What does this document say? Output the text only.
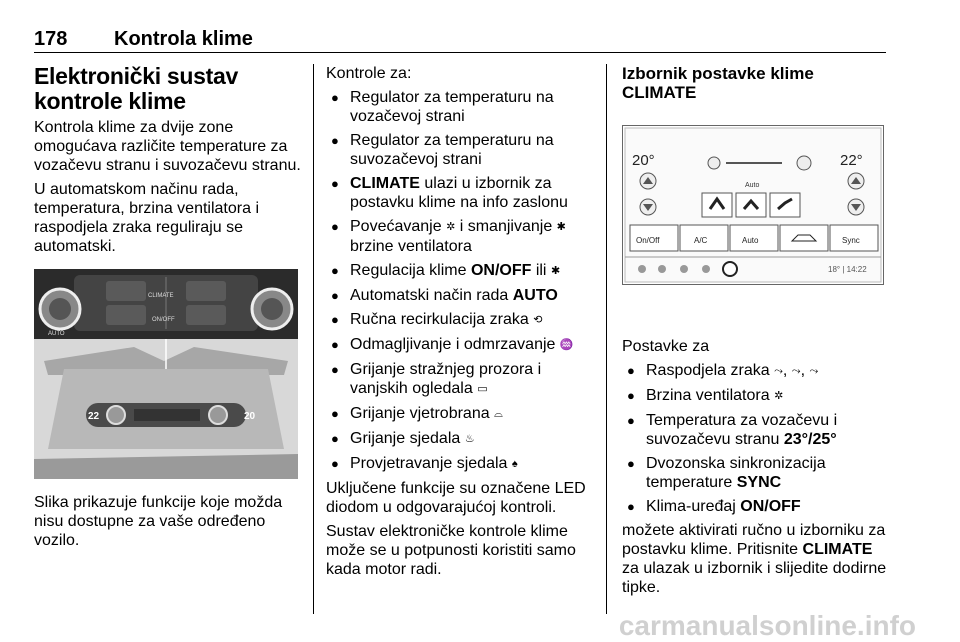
178 Kontrola klime
Elektronički sustav kontrole klime

Kontrola klime za dvije zone omogućava različite temperature za vozačevu stranu i suvozačevu stranu.

U automatskom načinu rada, temperatura, brzina ventilatora i raspodjela zraka reguliraju se automatski.

AUTO
CLIMATE
ON/OFF
22	20

Slika prikazuje funkcije koje možda nisu dostupne za vaše određeno vozilo.

Kontrole za:

● Regulator za temperaturu na vozačevoj strani
● Regulator za temperaturu na suvozačevoj strani
● CLIMATE ulazi u izbornik za postavku klime na info zaslonu
● Povećavanje ✲ i smanjivanje ✱
brzine ventilatora
● Regulacija klime ON/OFF ili ✱
● Automatski način rada AUTO
● Ručna recirkulacija zraka ⟲
● Odmagljivanje i odmrzavanje ♒
● Grijanje stražnjeg prozora i vanjskih ogledala ▭
● Grijanje vjetrobrana ⌓
● Grijanje sjedala ♨
● Provjetravanje sjedala ♠

Uključene funkcije su označene LED diodom u odgovarajućoj kontroli.

Sustav elektroničke kontrole klime može se u potpunosti koristiti samo kada motor radi.

Izbornik postavke klime CLIMATE
20°	22°
Auto
On/Off	A/C	Auto	Sync
18° | 14:22

Postavke za

● Raspodjela zraka ⤳, ⤳, ⤳
● Brzina ventilatora ✲
● Temperatura za vozačevu i suvozačevu stranu 23°/25°
● Dvozonska sinkronizacija temperature SYNC
● Klima-uređaj ON/OFF

možete aktivirati ručno u izborniku za postavku klime. Pritisnite CLIMATE za ulazak u izbornik i slijedite dodirne tipke.

carmanualsonline.info
